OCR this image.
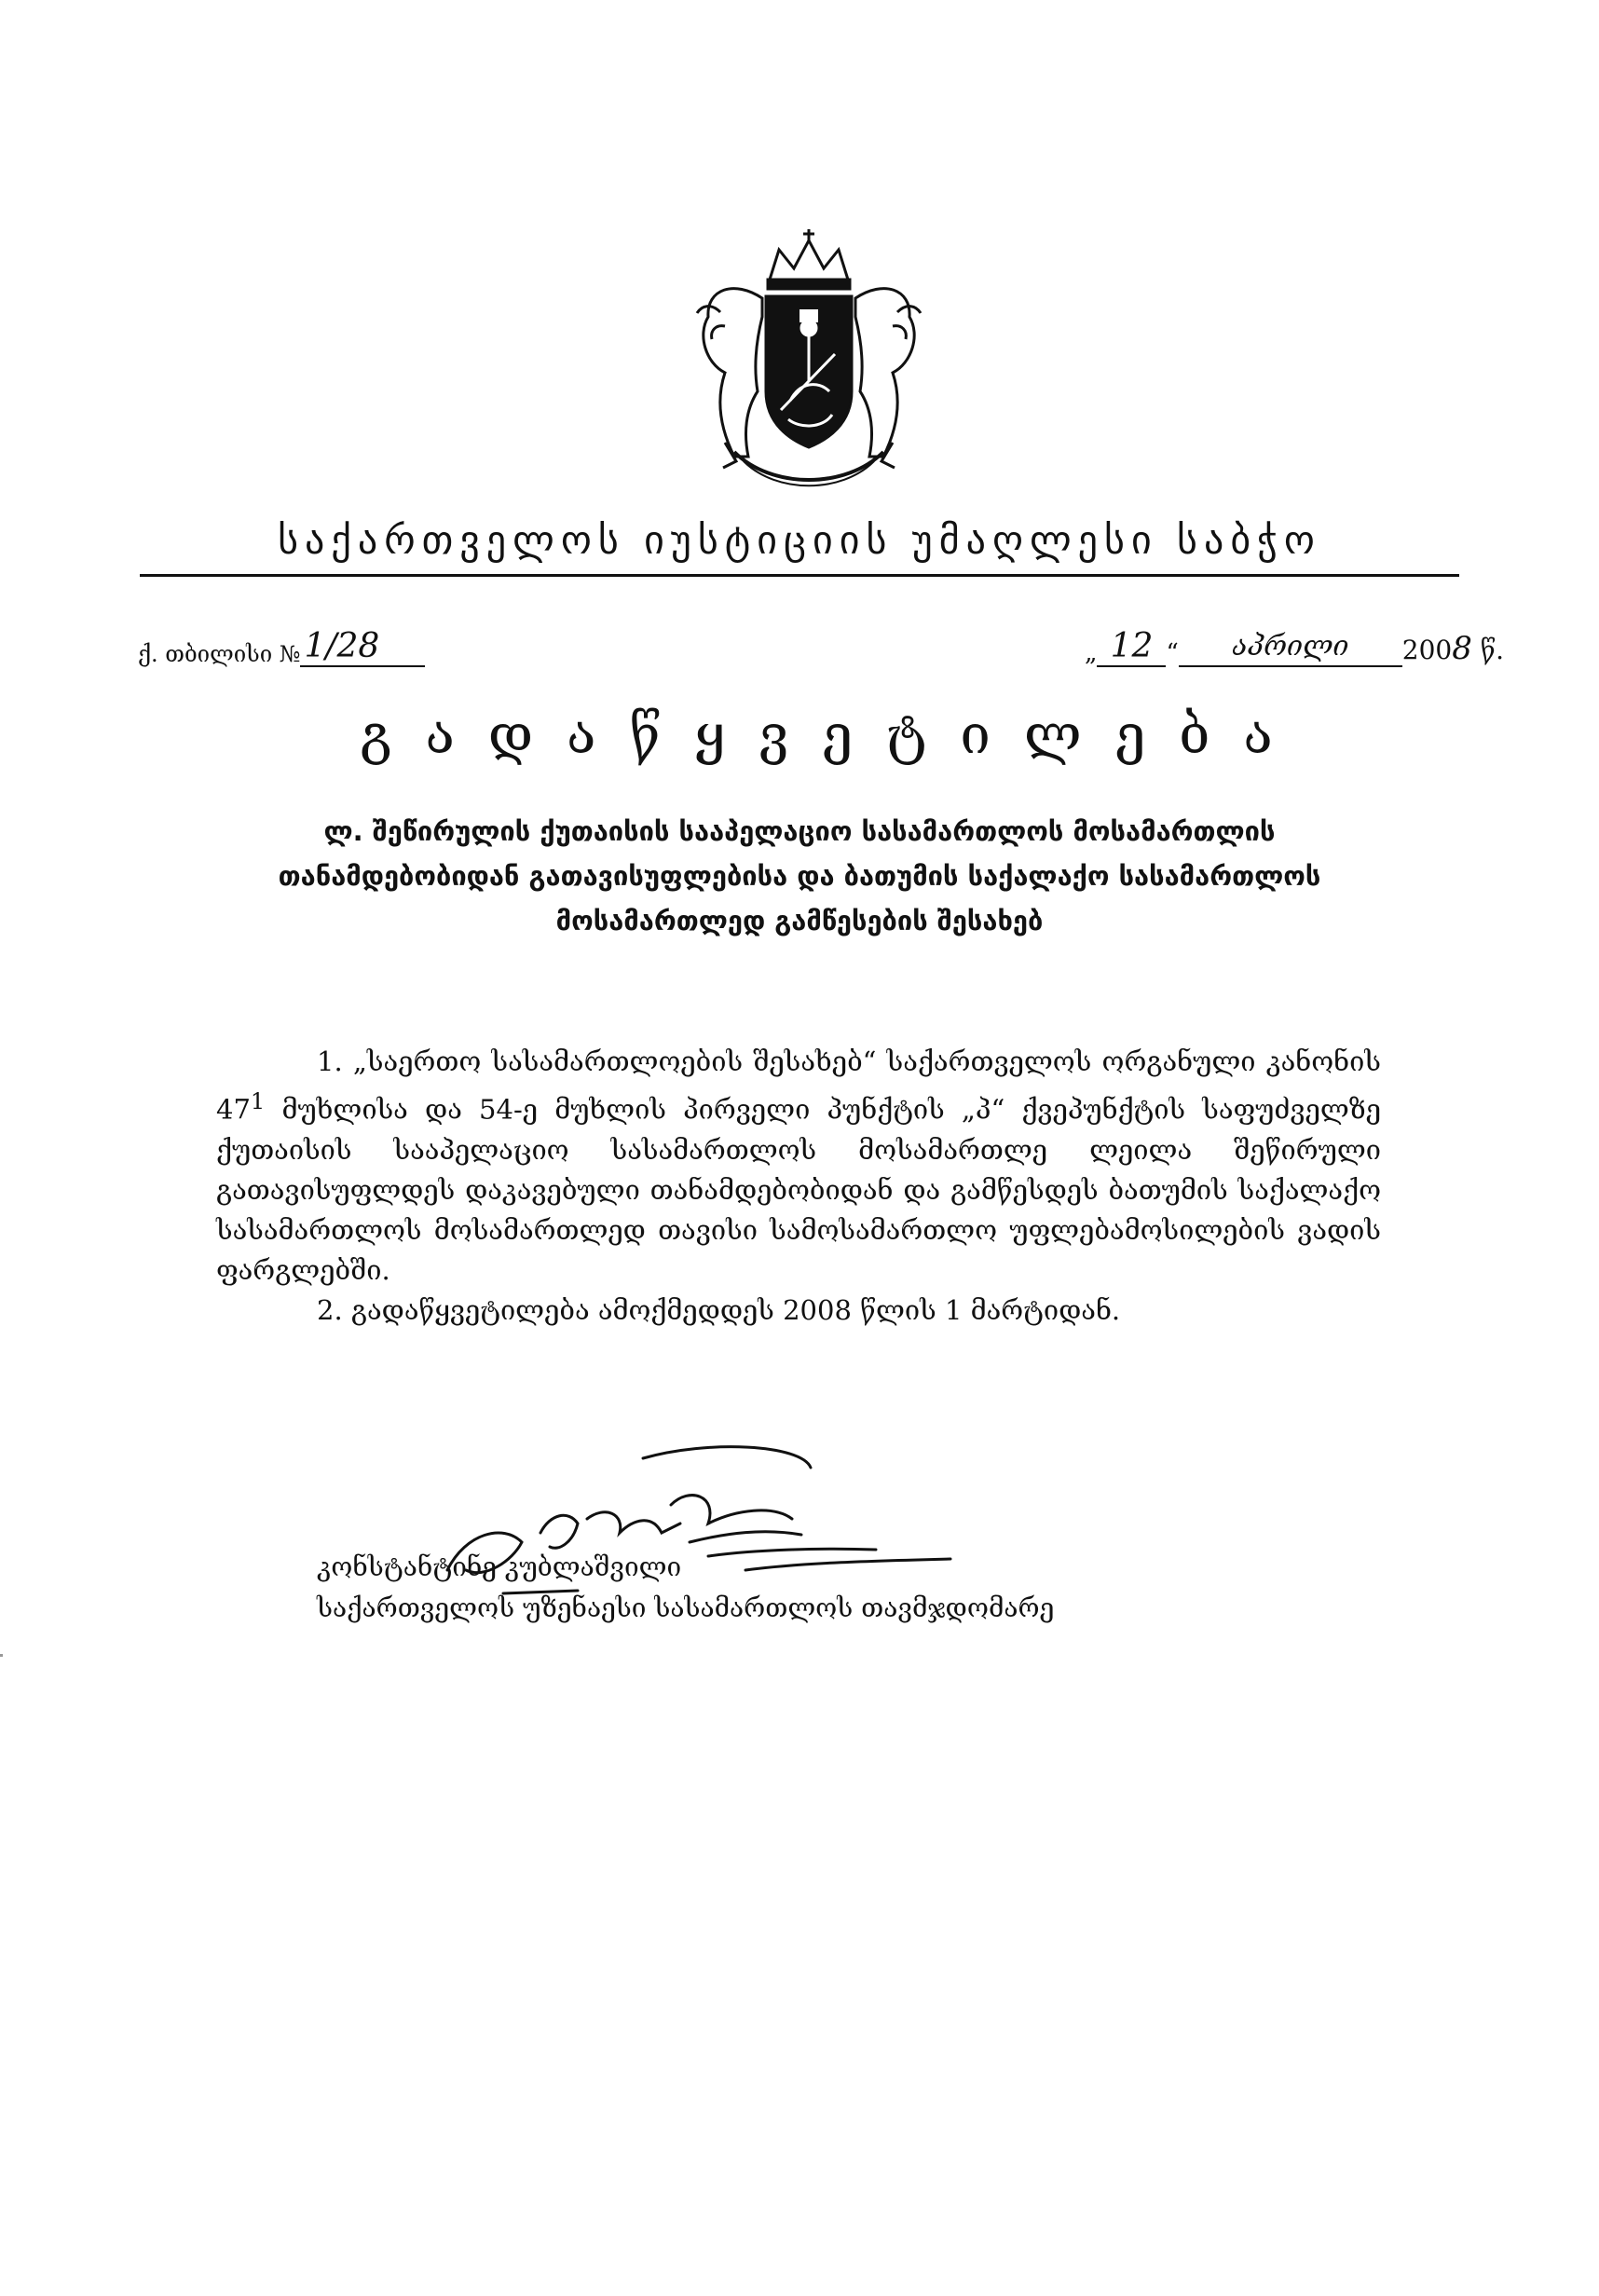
საქართველოს იუსტიციის უმაღლესი საბჭო
ქ. თბილისი № 1/28	„ 12 “	აპრილი	2008 წ.
გადაწყვეტილება
ლ. შეწირულის ქუთაისის სააპელაციო სასამართლოს მოსამართლის
თანამდებობიდან გათავისუფლებისა და ბათუმის საქალაქო სასამართლოს
მოსამართლედ გამწესების შესახებ

1. „საერთო სასამართლოების შესახებ“ საქართველოს ორგანული კანონის $47^1$ მუხლისა და 54-ე მუხლის პირველი პუნქტის „პ“ ქვეპუნქტის საფუძველზე ქუთაისის სააპელაციო სასამართლოს მოსამართლე ლეილა შეწირული გათავისუფლდეს დაკავებული თანამდებობიდან და გამწესდეს ბათუმის საქალაქო სასამართლოს მოსამართლედ თავისი სამოსამართლო უფლებამოსილების ვადის ფარგლებში.

2. გადაწყვეტილება ამოქმედდეს 2008 წლის 1 მარტიდან.

კონსტანტინე კუბლაშვილი
საქართველოს უზენაესი სასამართლოს თავმჯდომარე
